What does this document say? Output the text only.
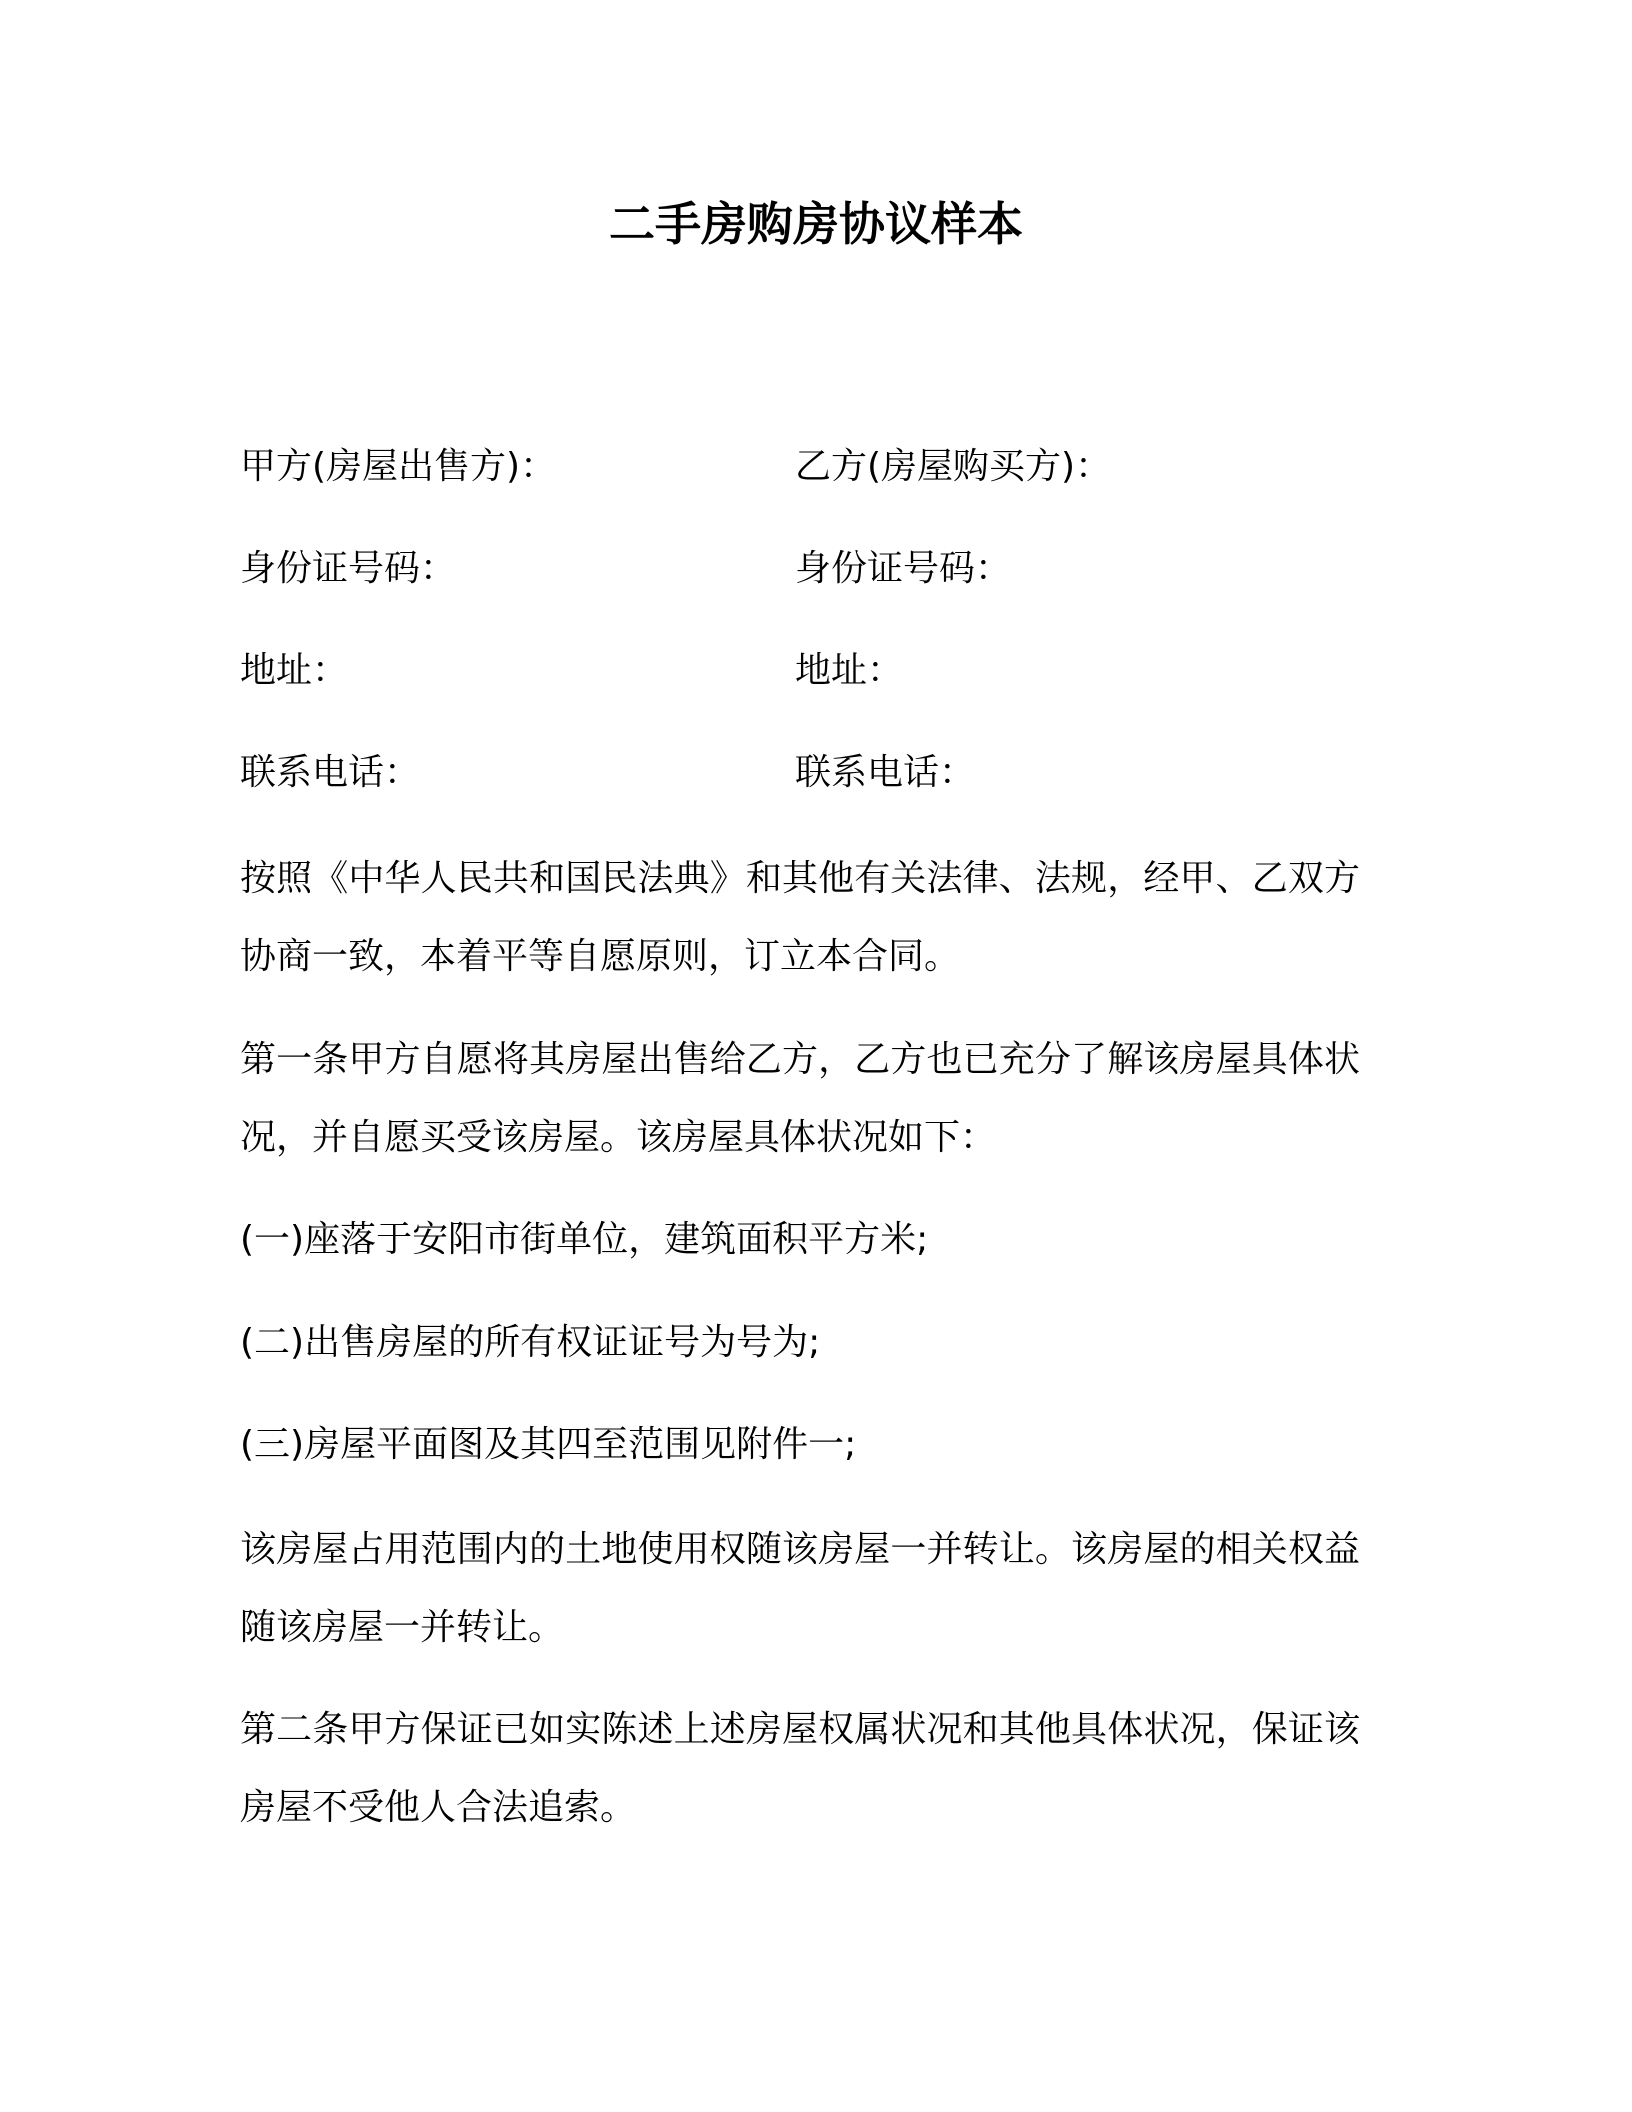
二手房购房协议样本

甲方(房屋出售方)：	乙方(房屋购买方)：

身份证号码：	身份证号码：

地址：	地址：

联系电话：	联系电话：

按照《中华人民共和国民法典》和其他有关法律、法规，经甲、乙双方协商一致，本着平等自愿原则，订立本合同。

第一条甲方自愿将其房屋出售给乙方，乙方也已充分了解该房屋具体状况，并自愿买受该房屋。该房屋具体状况如下：

(一)座落于安阳市街单位，建筑面积平方米;

(二)出售房屋的所有权证证号为号为;

(三)房屋平面图及其四至范围见附件一;

该房屋占用范围内的土地使用权随该房屋一并转让。该房屋的相关权益随该房屋一并转让。

第二条甲方保证已如实陈述上述房屋权属状况和其他具体状况，保证该房屋不受他人合法追索。
